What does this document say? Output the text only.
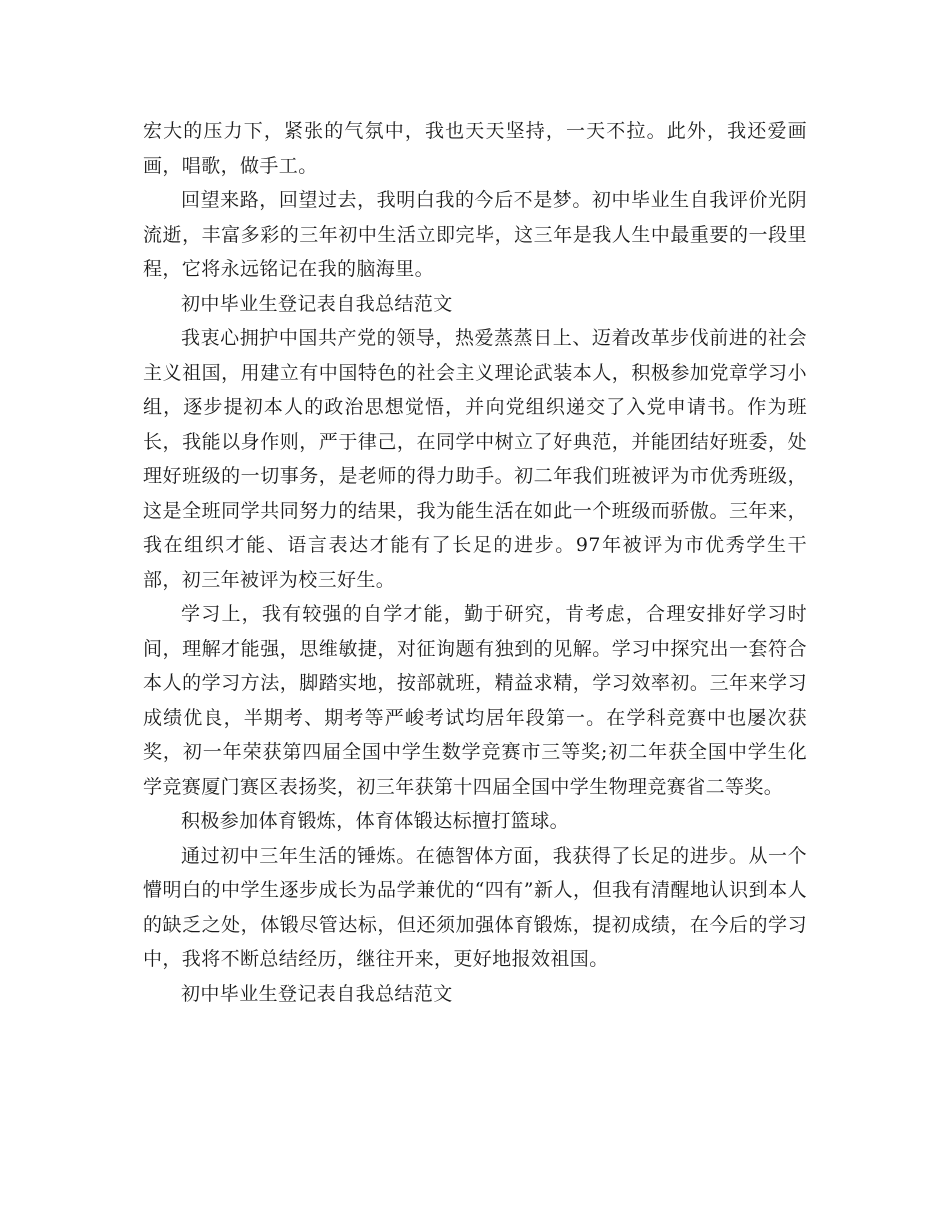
宏大的压力下，紧张的气氛中，我也天天坚持，一天不拉。此外，我还爱画画，唱歌，做手工。

回望来路，回望过去，我明白我的今后不是梦。初中毕业生自我评价光阴流逝，丰富多彩的三年初中生活立即完毕，这三年是我人生中最重要的一段里程，它将永远铭记在我的脑海里。

初中毕业生登记表自我总结范文

我衷心拥护中国共产党的领导，热爱蒸蒸日上、迈着改革步伐前进的社会主义祖国，用建立有中国特色的社会主义理论武装本人，积极参加党章学习小组，逐步提初本人的政治思想觉悟，并向党组织递交了入党申请书。作为班长，我能以身作则，严于律己，在同学中树立了好典范，并能团结好班委，处理好班级的一切事务，是老师的得力助手。初二年我们班被评为市优秀班级，这是全班同学共同努力的结果，我为能生活在如此一个班级而骄傲。三年来，我在组织才能、语言表达才能有了长足的进步。97年被评为市优秀学生干部，初三年被评为校三好生。

学习上，我有较强的自学才能，勤于研究，肯考虑，合理安排好学习时间，理解才能强，思维敏捷，对征询题有独到的见解。学习中探究出一套符合本人的学习方法，脚踏实地，按部就班，精益求精，学习效率初。三年来学习成绩优良，半期考、期考等严峻考试均居年段第一。在学科竞赛中也屡次获奖，初一年荣获第四届全国中学生数学竞赛市三等奖;初二年获全国中学生化学竞赛厦门赛区表扬奖，初三年获第十四届全国中学生物理竞赛省二等奖。

积极参加体育锻炼，体育体锻达标擅打篮球。

通过初中三年生活的锤炼。在德智体方面，我获得了长足的进步。从一个懵明白的中学生逐步成长为品学兼优的“四有”新人，但我有清醒地认识到本人的缺乏之处，体锻尽管达标，但还须加强体育锻炼，提初成绩，在今后的学习中，我将不断总结经历，继往开来，更好地报效祖国。

初中毕业生登记表自我总结范文
